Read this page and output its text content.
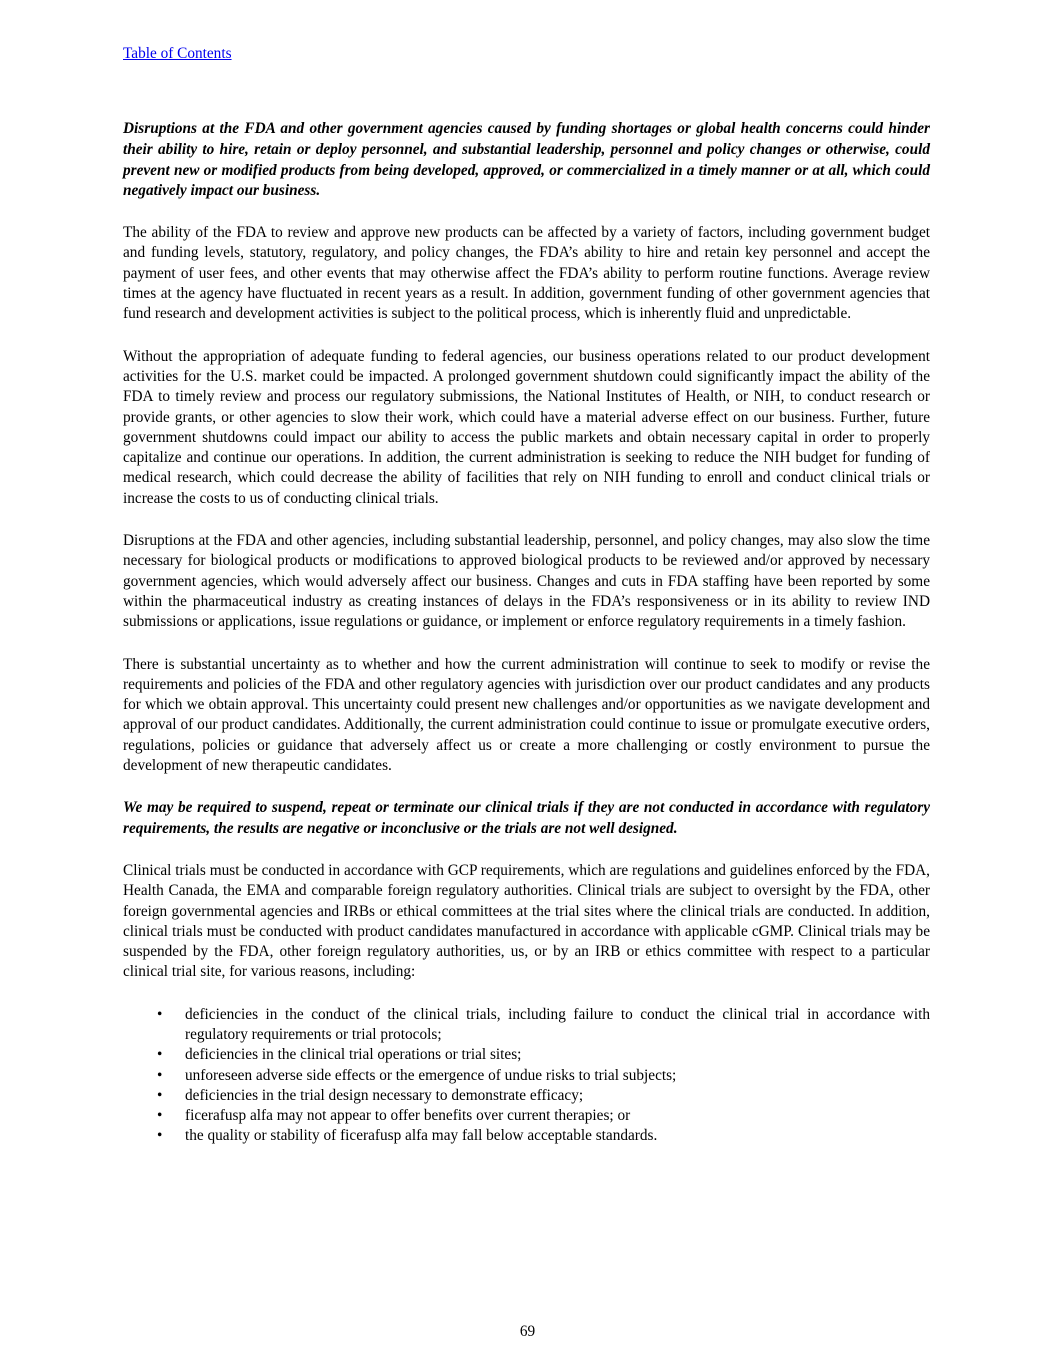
Table of Contents

Disruptions at the FDA and other government agencies caused by funding shortages or global health concerns could hinder their ability to hire, retain or deploy personnel, and substantial leadership, personnel and policy changes or otherwise, could prevent new or modified products from being developed, approved, or commercialized in a timely manner or at all, which could negatively impact our business.

The ability of the FDA to review and approve new products can be affected by a variety of factors, including government budget and funding levels, statutory, regulatory, and policy changes, the FDA’s ability to hire and retain key personnel and accept the payment of user fees, and other events that may otherwise affect the FDA’s ability to perform routine functions. Average review times at the agency have fluctuated in recent years as a result. In addition, government funding of other government agencies that fund research and development activities is subject to the political process, which is inherently fluid and unpredictable.

Without the appropriation of adequate funding to federal agencies, our business operations related to our product development activities for the U.S. market could be impacted. A prolonged government shutdown could significantly impact the ability of the FDA to timely review and process our regulatory submissions, the National Institutes of Health, or NIH, to conduct research or provide grants, or other agencies to slow their work, which could have a material adverse effect on our business. Further, future government shutdowns could impact our ability to access the public markets and obtain necessary capital in order to properly capitalize and continue our operations. In addition, the current administration is seeking to reduce the NIH budget for funding of medical research, which could decrease the ability of facilities that rely on NIH funding to enroll and conduct clinical trials or increase the costs to us of conducting clinical trials.

Disruptions at the FDA and other agencies, including substantial leadership, personnel, and policy changes, may also slow the time necessary for biological products or modifications to approved biological products to be reviewed and/or approved by necessary government agencies, which would adversely affect our business. Changes and cuts in FDA staffing have been reported by some within the pharmaceutical industry as creating instances of delays in the FDA’s responsiveness or in its ability to review IND submissions or applications, issue regulations or guidance, or implement or enforce regulatory requirements in a timely fashion.

There is substantial uncertainty as to whether and how the current administration will continue to seek to modify or revise the requirements and policies of the FDA and other regulatory agencies with jurisdiction over our product candidates and any products for which we obtain approval. This uncertainty could present new challenges and/or opportunities as we navigate development and approval of our product candidates. Additionally, the current administration could continue to issue or promulgate executive orders, regulations, policies or guidance that adversely affect us or create a more challenging or costly environment to pursue the development of new therapeutic candidates.

We may be required to suspend, repeat or terminate our clinical trials if they are not conducted in accordance with regulatory requirements, the results are negative or inconclusive or the trials are not well designed.

Clinical trials must be conducted in accordance with GCP requirements, which are regulations and guidelines enforced by the FDA, Health Canada, the EMA and comparable foreign regulatory authorities. Clinical trials are subject to oversight by the FDA, other foreign governmental agencies and IRBs or ethical committees at the trial sites where the clinical trials are conducted. In addition, clinical trials must be conducted with product candidates manufactured in accordance with applicable cGMP. Clinical trials may be suspended by the FDA, other foreign regulatory authorities, us, or by an IRB or ethics committee with respect to a particular clinical trial site, for various reasons, including:

•	deficiencies in the conduct of the clinical trials, including failure to conduct the clinical trial in accordance with regulatory requirements or trial protocols;
•	deficiencies in the clinical trial operations or trial sites;
•	unforeseen adverse side effects or the emergence of undue risks to trial subjects;
•	deficiencies in the trial design necessary to demonstrate efficacy;
•	ficerafusp alfa may not appear to offer benefits over current therapies; or
•	the quality or stability of ficerafusp alfa may fall below acceptable standards.
69
